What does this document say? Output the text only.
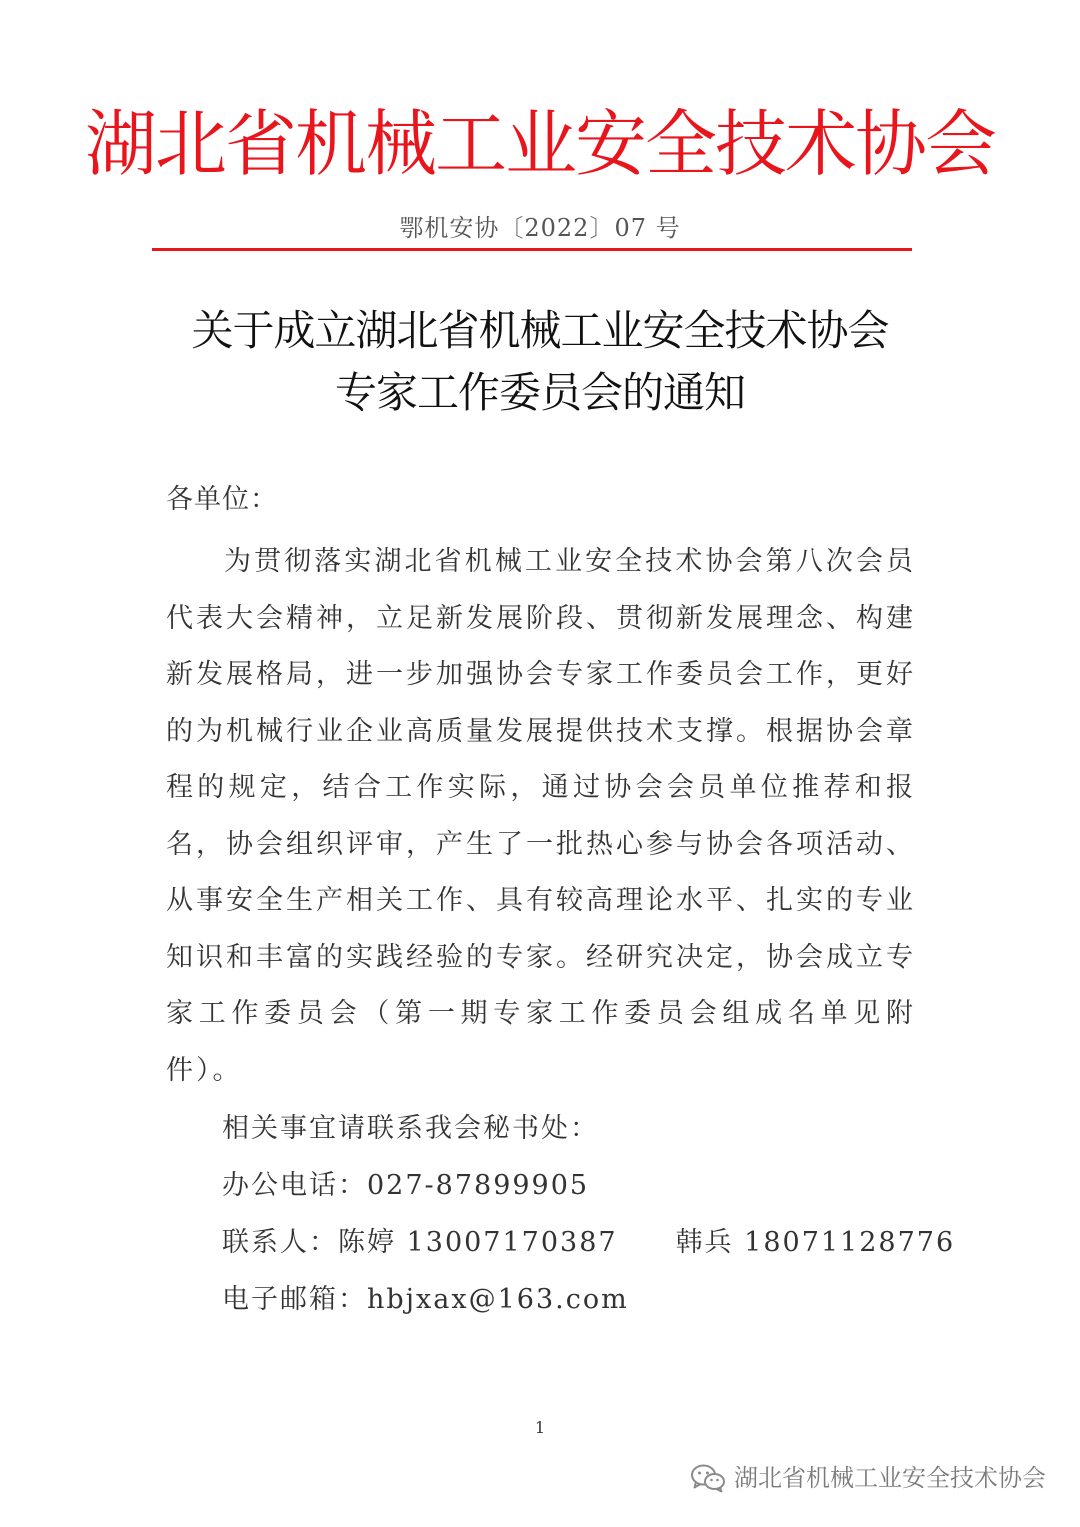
湖北省机械工业安全技术协会
鄂机安协〔2022〕07 号
关于成立湖北省机械工业安全技术协会
专家工作委员会的通知
各单位：
为贯彻落实湖北省机械工业安全技术协会第八次会员代表大会精神，立足新发展阶段、贯彻新发展理念、构建新发展格局，进一步加强协会专家工作委员会工作，更好的为机械行业企业高质量发展提供技术支撑。根据协会章程的规定，结合工作实际，通过协会会员单位推荐和报名，协会组织评审，产生了一批热心参与协会各项活动、从事安全生产相关工作、具有较高理论水平、扎实的专业知识和丰富的实践经验的专家。经研究决定，协会成立专家工作委员会（第一期专家工作委员会组成名单见附件）。
相关事宜请联系我会秘书处：
办公电话：027-87899905
联系人：陈婷 13007170387 韩兵 18071128776
电子邮箱：hbjxax@163.com
1
湖北省机械工业安全技术协会
